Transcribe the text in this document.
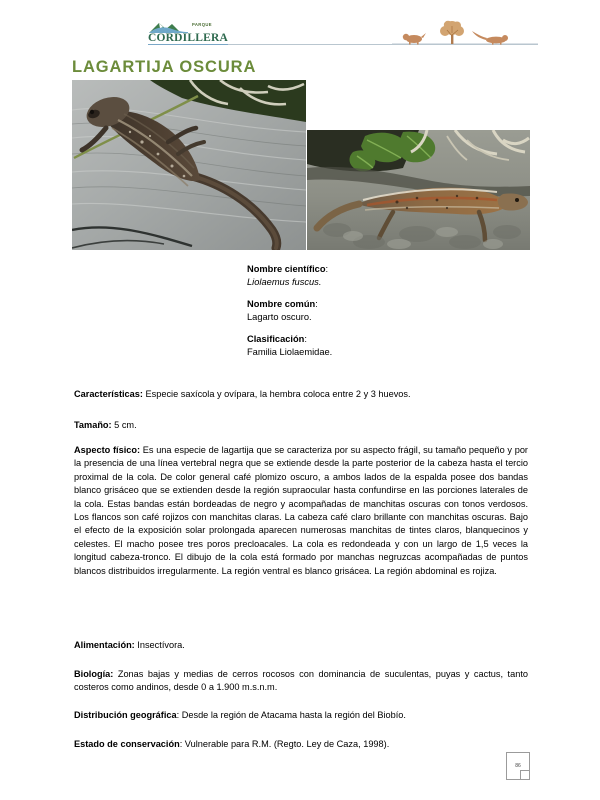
PARQUE
CORDILLERA
LAGARTIJA OSCURA
Nombre científico:
Liolaemus fuscus.
Nombre común:
Lagarto oscuro.
Clasificación:
Familia Liolaemidae.
Características: Especie saxícola y ovípara, la hembra coloca entre 2 y 3 huevos.
Tamaño: 5 cm.
Aspecto físico: Es una especie de lagartija que se caracteriza por su aspecto frágil, su tamaño pequeño y por la presencia de una línea vertebral negra que se extiende desde la parte posterior de la cabeza hasta el tercio proximal de la cola. De color general café plomizo oscuro, a ambos lados de la espalda posee dos bandas blanco grisáceo que se extienden desde la región supraocular hasta confundirse en las porciones laterales de la cola. Estas bandas están bordeadas de negro y acompañadas de manchitas oscuras con tonos verdosos. Los flancos son café rojizos con manchitas claras. La cabeza café claro brillante con manchitas oscuras. Bajo el efecto de la exposición solar prolongada aparecen numerosas manchitas de tintes claros, blanquecinos y celestes. El macho posee tres poros precloacales. La cola es redondeada y con un largo de 1,5 veces la longitud cabeza-tronco. El dibujo de la cola está formado por manchas negruzcas acompañadas de puntos blancos distribuidos irregularmente. La región ventral es blanco grisácea. La región abdominal es rojiza.
Alimentación: Insectívora.
Biología: Zonas bajas y medias de cerros rocosos con dominancia de suculentas, puyas y cactus, tanto costeros como andinos, desde 0 a 1.900 m.s.n.m.
Distribución geográfica: Desde la región de Atacama hasta la región del Biobío.
Estado de conservación: Vulnerable para R.M. (Regto. Ley de Caza, 1998).
86
